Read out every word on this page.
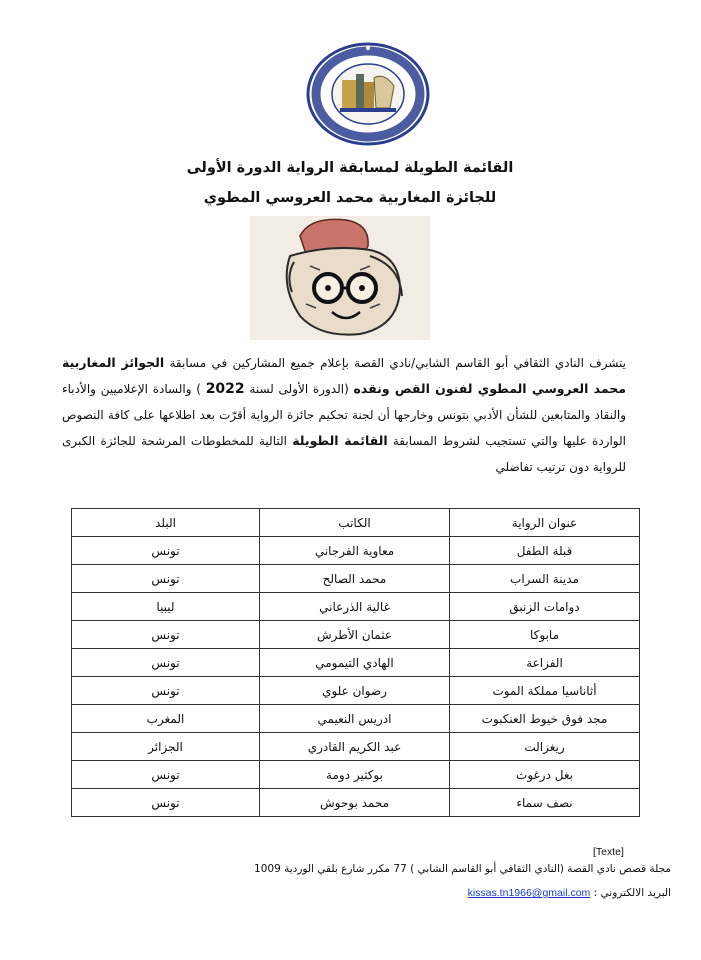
القائمة الطويلة لمسابقة الرواية الدورة الأولى
للجائزة المغاربية محمد العروسي المطوي
يتشرف النادي الثقافي أبو القاسم الشابي/نادي القصة بإعلام جميع المشاركين في مسابقة الجوائز المغاربية محمد العروسي المطوي لفنون القص ونقده (الدورة الأولى لسنة 2022 ) والسادة الإعلاميين والأدباء والنقاد والمتابعين للشأن الأدبي بتونس وخارجها أن لجنة تحكيم جائزة الرواية أقرّت بعد اطلاعها على كافة النصوص الواردة عليها والتي تستجيب لشروط المسابقة القائمة الطويلة التالية للمخطوطات المرشحة للجائزة الكبرى للرواية دون ترتيب تفاضلي
عنوان الرواية	الكاتب	البلد
قبلة الطفل	معاوية الفرجاني	تونس
مدينة السراب	محمد الصالح	تونس
دوامات الزنبق	غالية الذرعاني	ليبيا
مابوكا	عثمان الأطرش	تونس
الفزاعة	الهادي التيمومي	تونس
أثاناسيا مملكة الموت	رضوان علوي	تونس
مجد فوق خيوط العنكبوت	ادريس النعيمي	المغرب
ريغزالت	عبد الكريم القادري	الجزائر
بغل درغوث	بوكثير دومة	تونس
نصف سماء	محمد بوحوش	تونس
[Texte]
مجلة قصص نادي القصة (النادي الثقافي أبو القاسم الشابي ) 77 مكرر شارع بلقي الوردية 1009
البريد الالكتروني : kissas.tn1966@gmail.com
